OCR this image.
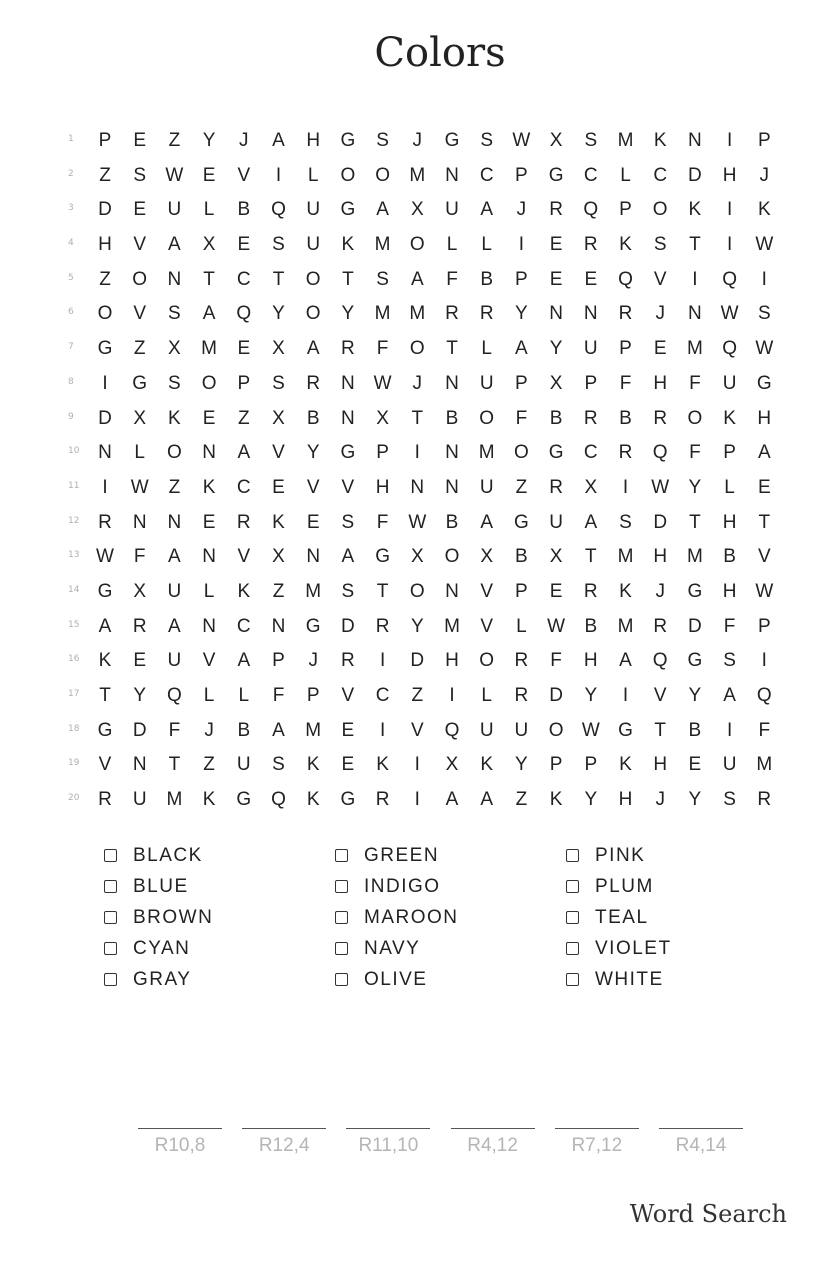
Colors
1	P	E	Z	Y	J	A	H	G	S	J	G	S	W	X	S	M	K	N	I	P
2	Z	S	W	E	V	I	L	O	O	M	N	C	P	G	C	L	C	D	H	J
3	D	E	U	L	B	Q	U	G	A	X	U	A	J	R	Q	P	O	K	I	K
4	H	V	A	X	E	S	U	K	M	O	L	L	I	E	R	K	S	T	I	W
5	Z	O	N	T	C	T	O	T	S	A	F	B	P	E	E	Q	V	I	Q	I
6	O	V	S	A	Q	Y	O	Y	M M	R	R	Y	N	N	R	J	N W	S
7	G	Z	X	M	E	X	A	R	F	O	T	L	A	Y	U	P	E	M	Q W
8	I	G	S	O	P	S	R	N W	J	N	U	P	X	P	F	H	F	U	G
9	D	X	K	E	Z	X	B	N	X	T	B	O	F	B	R	B	R	O	K	H
10 N	L	O	N	A	V	Y	G	P	I	N	M	O	G	C	R	Q	F	P	A
11	I	W	Z	K	C	E	V	V	H	N	N	U	Z	R	X	I	W	Y	L	E
12 R	N	N	E	R	K	E	S	F	W	B	A	G	U	A	S	D	T	H	T
13 W	F	A	N	V	X	N	A	G	X	O	X	B	X	T	M	H	M	B	V
14 G	X	U	L	K	Z	M	S	T	O	N	V	P	E	R	K	J	G	H W
15	A	R	A	N	C	N	G	D	R	Y	M	V	L	W	B	M	R	D	F	P
16	K	E	U	V	A	P	J	R	I	D	H	O	R	F	H	A	Q	G	S	I
17	T	Y	Q	L	L	F	P	V	C	Z	I	L	R	D	Y	I	V	Y	A	Q
18 G	D	F	J	B	A	M	E	I	V	Q	U	U	O W G	T	B	I	F
19	V	N	T	Z	U	S	K	E	K	I	X	K	Y	P	P	K	H	E	U	M
20 R	U	M	K	G	Q	K	G	R	I	A	A	Z	K	Y	H	J	Y	S	R
BLACK
BLUE
BROWN
CYAN
GRAY
GREEN
INDIGO
MAROON
NAVY
OLIVE
PINK
PLUM
TEAL
VIOLET
WHITE
R10,8	R12,4	R11,10	R4,12	R7,12	R4,14
Word Search
